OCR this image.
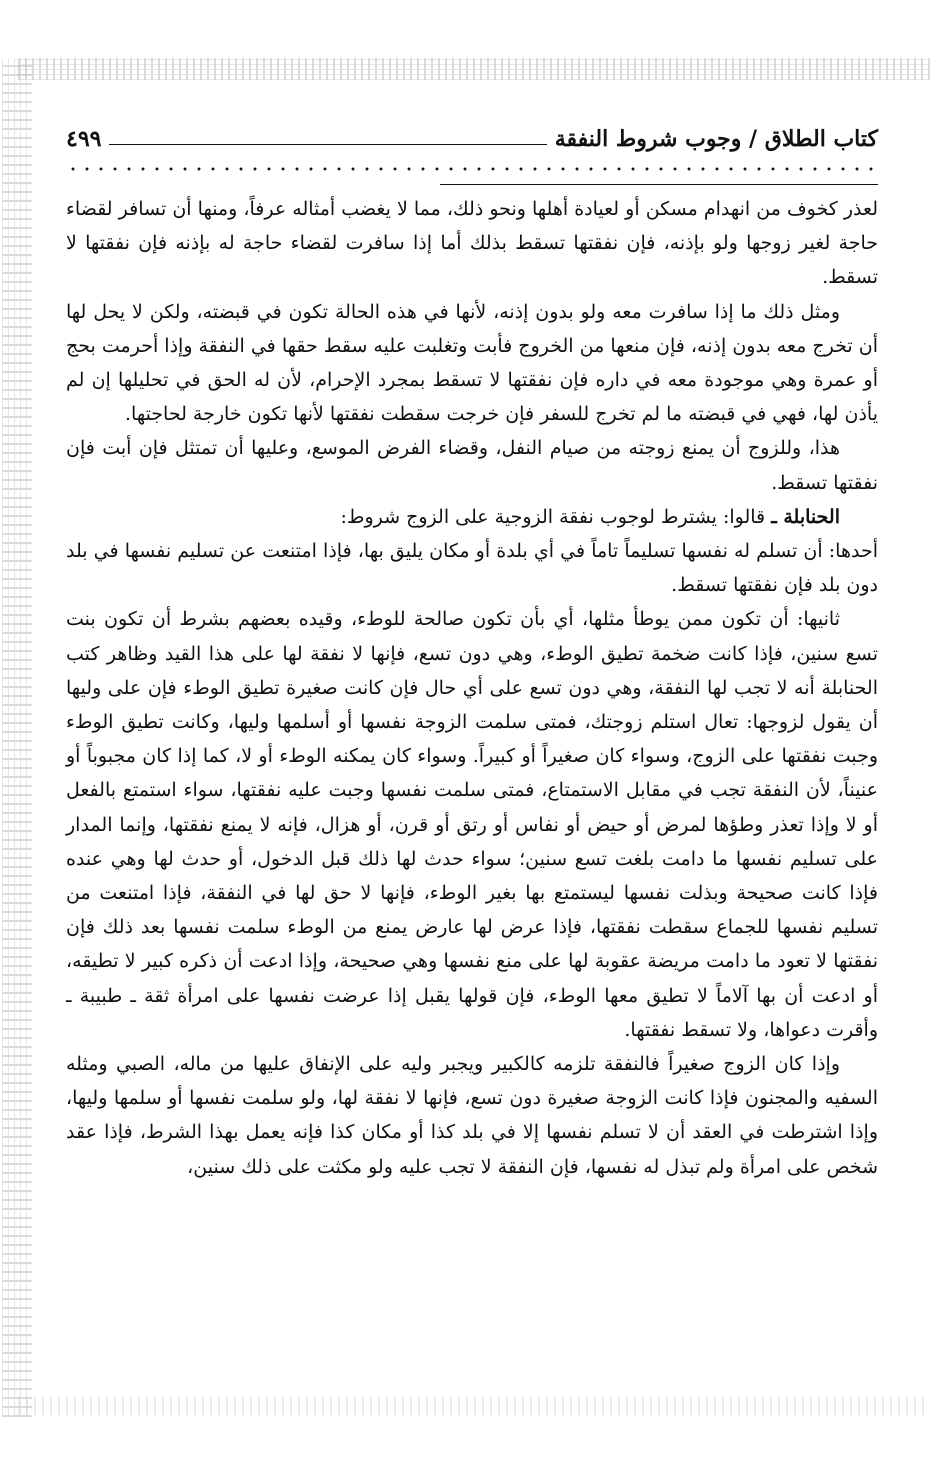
كتاب الطلاق / وجوب شروط النفقة
٤٩٩

لعذر كخوف من انهدام مسكن أو لعيادة أهلها ونحو ذلك، مما لا يغضب أمثاله عرفاً، ومنها أن تسافر لقضاء حاجة لغير زوجها ولو بإذنه، فإن نفقتها تسقط بذلك أما إذا سافرت لقضاء حاجة له بإذنه فإن نفقتها لا تسقط.

ومثل ذلك ما إذا سافرت معه ولو بدون إذنه، لأنها في هذه الحالة تكون في قبضته، ولكن لا يحل لها أن تخرج معه بدون إذنه، فإن منعها من الخروج فأبت وتغلبت عليه سقط حقها في النفقة وإذا أحرمت بحج أو عمرة وهي موجودة معه في داره فإن نفقتها لا تسقط بمجرد الإحرام، لأن له الحق في تحليلها إن لم يأذن لها، فهي في قبضته ما لم تخرج للسفر فإن خرجت سقطت نفقتها لأنها تكون خارجة لحاجتها.

هذا، وللزوج أن يمنع زوجته من صيام النفل، وقضاء الفرض الموسع، وعليها أن تمتثل فإن أبت فإن نفقتها تسقط.

الحنابلة ـ قالوا: يشترط لوجوب نفقة الزوجية على الزوج شروط:

أحدها: أن تسلم له نفسها تسليماً تاماً في أي بلدة أو مكان يليق بها، فإذا امتنعت عن تسليم نفسها في بلد دون بلد فإن نفقتها تسقط.

ثانيها: أن تكون ممن يوطأ مثلها، أي بأن تكون صالحة للوطء، وقيده بعضهم بشرط أن تكون بنت تسع سنين، فإذا كانت ضخمة تطيق الوطء، وهي دون تسع، فإنها لا نفقة لها على هذا القيد وظاهر كتب الحنابلة أنه لا تجب لها النفقة، وهي دون تسع على أي حال فإن كانت صغيرة تطيق الوطء فإن على وليها أن يقول لزوجها: تعال استلم زوجتك، فمتى سلمت الزوجة نفسها أو أسلمها وليها، وكانت تطيق الوطء وجبت نفقتها على الزوج، وسواء كان صغيراً أو كبيراً. وسواء كان يمكنه الوطء أو لا، كما إذا كان مجبوباً أو عنيناً، لأن النفقة تجب في مقابل الاستمتاع، فمتى سلمت نفسها وجبت عليه نفقتها، سواء استمتع بالفعل أو لا وإذا تعذر وطؤها لمرض أو حيض أو نفاس أو رتق أو قرن، أو هزال، فإنه لا يمنع نفقتها، وإنما المدار على تسليم نفسها ما دامت بلغت تسع سنين؛ سواء حدث لها ذلك قبل الدخول، أو حدث لها وهي عنده فإذا كانت صحيحة وبذلت نفسها ليستمتع بها بغير الوطء، فإنها لا حق لها في النفقة، فإذا امتنعت من تسليم نفسها للجماع سقطت نفقتها، فإذا عرض لها عارض يمنع من الوطء سلمت نفسها بعد ذلك فإن نفقتها لا تعود ما دامت مريضة عقوبة لها على منع نفسها وهي صحيحة، وإذا ادعت أن ذكره كبير لا تطيقه، أو ادعت أن بها آلاماً لا تطيق معها الوطء، فإن قولها يقبل إذا عرضت نفسها على امرأة ثقة ـ طبيبة ـ وأقرت دعواها، ولا تسقط نفقتها.

وإذا كان الزوج صغيراً فالنفقة تلزمه كالكبير ويجبر وليه على الإنفاق عليها من ماله، الصبي ومثله السفيه والمجنون فإذا كانت الزوجة صغيرة دون تسع، فإنها لا نفقة لها، ولو سلمت نفسها أو سلمها وليها، وإذا اشترطت في العقد أن لا تسلم نفسها إلا في بلد كذا أو مكان كذا فإنه يعمل بهذا الشرط، فإذا عقد شخص على امرأة ولم تبذل له نفسها، فإن النفقة لا تجب عليه ولو مكثت على ذلك سنين،
